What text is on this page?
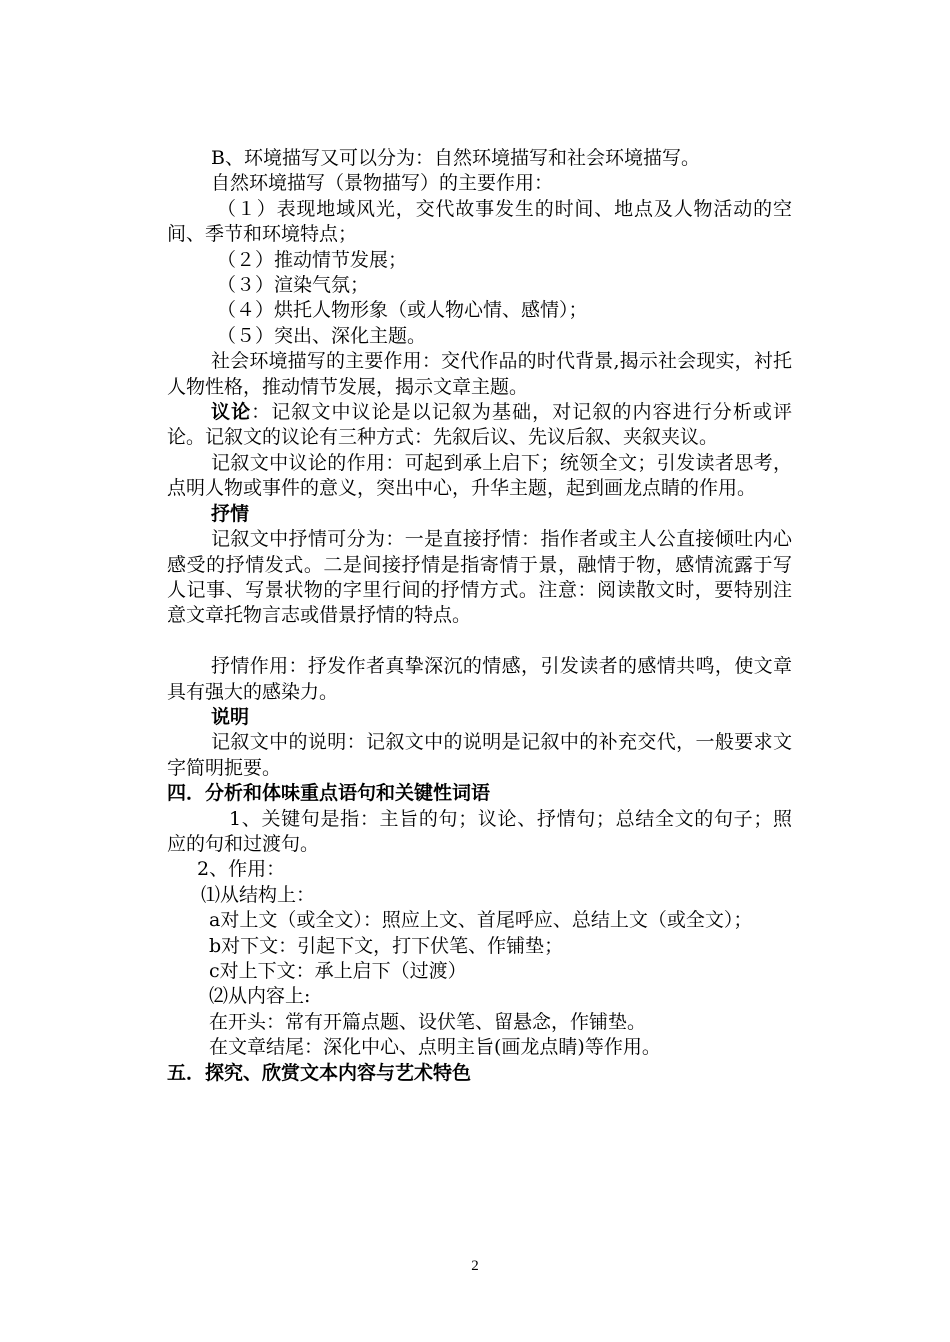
B、环境描写又可以分为：自然环境描写和社会环境描写。

自然环境描写（景物描写）的主要作用：

（１）表现地域风光，交代故事发生的时间、地点及人物活动的空间、季节和环境特点；

（２）推动情节发展；

（３）渲染气氛；

（４）烘托人物形象（或人物心情、感情）；

（５）突出、深化主题。

社会环境描写的主要作用：交代作品的时代背景,揭示社会现实，衬托人物性格，推动情节发展，揭示文章主题。

议论：记叙文中议论是以记叙为基础，对记叙的内容进行分析或评论。记叙文的议论有三种方式：先叙后议、先议后叙、夹叙夹议。

记叙文中议论的作用：可起到承上启下；统领全文；引发读者思考，点明人物或事件的意义，突出中心，升华主题，起到画龙点睛的作用。

抒情

记叙文中抒情可分为：一是直接抒情：指作者或主人公直接倾吐内心感受的抒情发式。二是间接抒情是指寄情于景，融情于物，感情流露于写人记事、写景状物的字里行间的抒情方式。注意：阅读散文时，要特别注意文章托物言志或借景抒情的特点。

抒情作用：抒发作者真挚深沉的情感，引发读者的感情共鸣，使文章具有强大的感染力。

说明

记叙文中的说明：记叙文中的说明是记叙中的补充交代，一般要求文字简明扼要。

四．分析和体味重点语句和关键性词语

1、关键句是指：主旨的句；议论、抒情句；总结全文的句子；照应的句和过渡句。

2、作用：

⑴从结构上：

a对上文（或全文）：照应上文、首尾呼应、总结上文（或全文）；

b对下文：引起下文，打下伏笔、作铺垫；

c对上下文：承上启下（过渡）

⑵从内容上:

在开头：常有开篇点题、设伏笔、留悬念，作铺垫。

在文章结尾：深化中心、点明主旨(画龙点睛)等作用。

五．探究、欣赏文本内容与艺术特色

2
